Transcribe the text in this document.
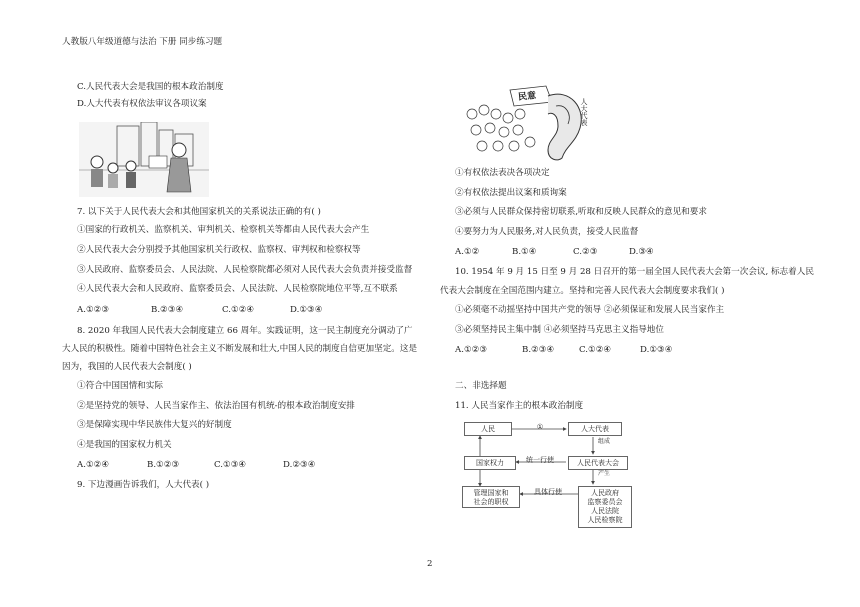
人教版八年级道德与法治 下册 同步练习题
C.人民代表大会是我国的根本政治制度
D.人大代表有权依法审议各项议案
7. 以下关于人民代表大会和其他国家机关的关系说法正确的有( )
①国家的行政机关、监察机关、审判机关、检察机关等都由人民代表大会产生
②人民代表大会分别授予其他国家机关行政权、监察权、审判权和检察权等
③人民政府、监察委员会、人民法院、人民检察院都必须对人民代表大会负责并接受监督
④人民代表大会和人民政府、监察委员会、人民法院、人民检察院地位平等,互不联系
A.①②③	B.②③④	C.①②④	D.①③④
8. 2020 年我国人民代表大会制度建立 66 周年。实践证明，这一民主制度充分调动了广
大人民的积极性。随着中国特色社会主义不断发展和壮大,中国人民的制度自信更加坚定。这是
因为，我国的人民代表大会制度( )
①符合中国国情和实际
②是坚持党的领导、人民当家作主、依法治国有机统-的根本政治制度安排
③是保障实现中华民族伟大复兴的好制度
④是我国的国家权力机关
A.①②④	B.①②③	C.①③④	D.②③④
9. 下边漫画告诉我们，人大代表( )
民意
人大代表
①有权依法表决各项决定
②有权依法提出议案和质询案
③必须与人民群众保持密切联系,听取和反映人民群众的意见和要求
④要努力为人民服务,对人民负责，接受人民监督
A.①②	B.①④	C.②③	D.③④
10. 1954 年 9 月 15 日至 9 月 28 日召开的第一届全国人民代表大会第一次会议, 标志着人民
代表大会制度在全国范围内建立。坚持和完善人民代表大会制度要求我们( )
①必须毫不动摇坚持中国共产党的领导 ②必须保证和发展人民当家作主
③必须坚持民主集中制 ④必须坚持马克思主义指导地位
A.①②③	B.②③④	C.①②④	D.①③④
二、非选择题
11. 人民当家作主的根本政治制度
人民	①	人大代表
组成
国家权力	统一行使	人民代表大会
产生
管理国家和
社会的职权
具体行使	人民政府
监察委员会
人民法院
人民检察院
2
